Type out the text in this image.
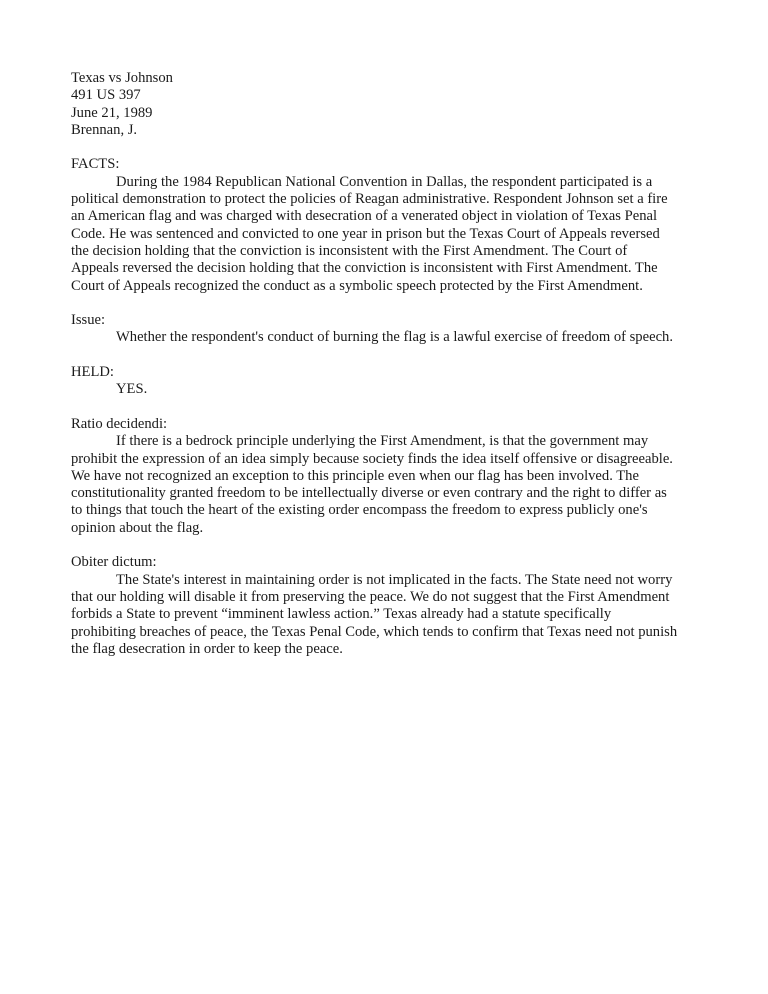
Texas vs Johnson
491 US 397
June 21, 1989
Brennan, J.
FACTS:
During the 1984 Republican National Convention in Dallas, the respondent participated is a
political demonstration to protect the policies of Reagan administrative. Respondent Johnson set a fire
an American flag and was charged with desecration of a venerated object in violation of Texas Penal
Code. He was sentenced and convicted to one year in prison but the Texas Court of Appeals reversed
the decision holding that the conviction is inconsistent with the First Amendment. The Court of
Appeals reversed the decision holding that the conviction is inconsistent with First Amendment. The
Court of Appeals recognized the conduct as a symbolic speech protected by the First Amendment.
Issue:
Whether the respondent's conduct of burning the flag is a lawful exercise of freedom of speech.
HELD:
YES.
Ratio decidendi:
If there is a bedrock principle underlying the First Amendment, is that the government may
prohibit the expression of an idea simply because society finds the idea itself offensive or disagreeable.
We have not recognized an exception to this principle even when our flag has been involved. The
constitutionality granted freedom to be intellectually diverse or even contrary and the right to differ as
to things that touch the heart of the existing order encompass the freedom to express publicly one's
opinion about the flag.
Obiter dictum:
The State's interest in maintaining order is not implicated in the facts. The State need not worry
that our holding will disable it from preserving the peace. We do not suggest that the First Amendment
forbids a State to prevent “imminent lawless action.” Texas already had a statute specifically
prohibiting breaches of peace, the Texas Penal Code, which tends to confirm that Texas need not punish
the flag desecration in order to keep the peace.
